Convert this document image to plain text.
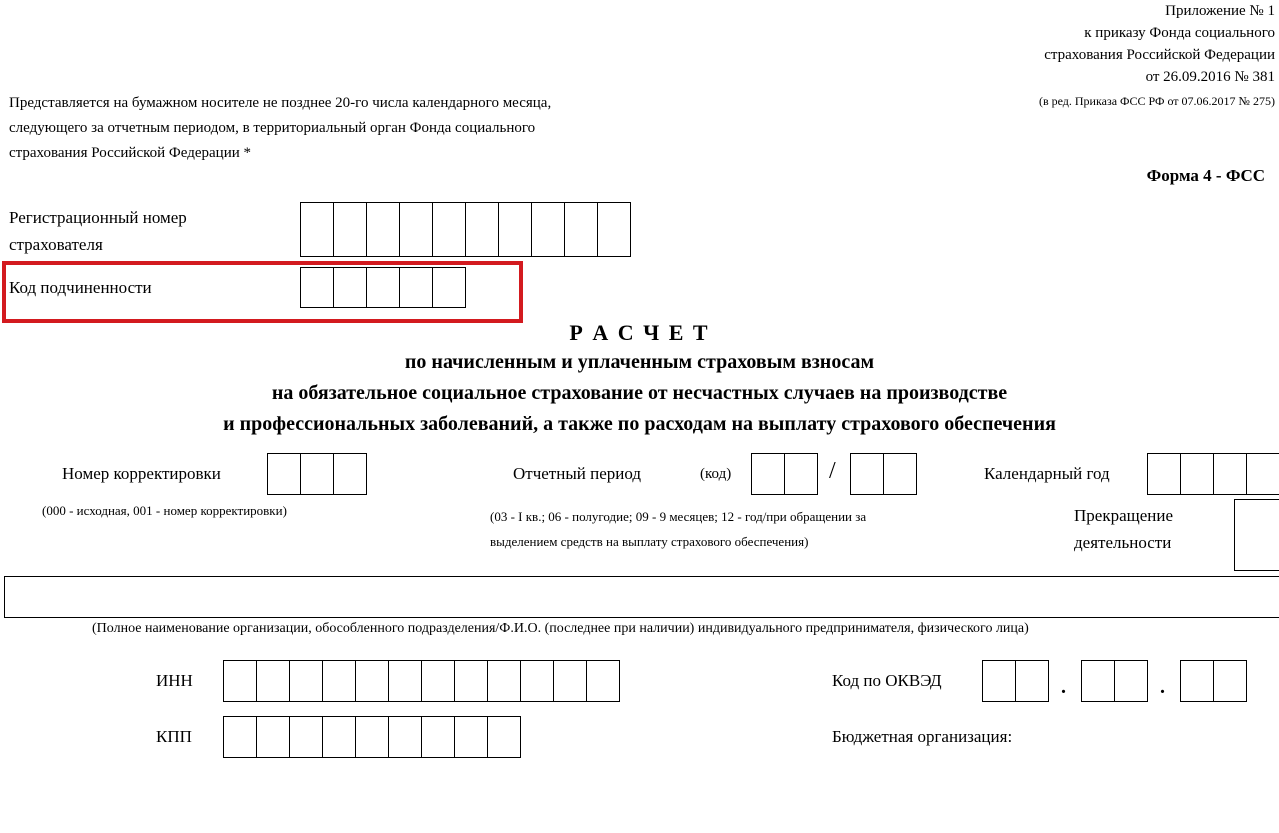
Приложение № 1
к приказу Фонда социального
страхования Российской Федерации
от 26.09.2016 № 381
(в ред. Приказа ФСС РФ от 07.06.2017 № 275)
Представляется на бумажном носителе не позднее 20-го числа календарного месяца,
следующего за отчетным периодом, в территориальный орган Фонда социального
страхования Российской Федерации *
Форма 4 - ФСС
Регистрационный номер
страхователя
Код подчиненности
Р А С Ч Е Т
по начисленным и уплаченным страховым взносам
на обязательное социальное страхование от несчастных случаев на производстве
и профессиональных заболеваний, а также по расходам на выплату страхового обеспечения
Номер корректировки
(000 - исходная, 001 - номер корректировки)
Отчетный период	(код)	/
(03 - I кв.; 06 - полугодие; 09 - 9 месяцев; 12 - год/при обращении за
выделением средств на выплату страхового обеспечения)
Календарный год
Прекращение
деятельности
(Полное наименование организации, обособленного подразделения/Ф.И.О. (последнее при наличии) индивидуального предпринимателя, физического лица)
ИНН
КПП
Код по ОКВЭД	.	.
Бюджетная организация:
